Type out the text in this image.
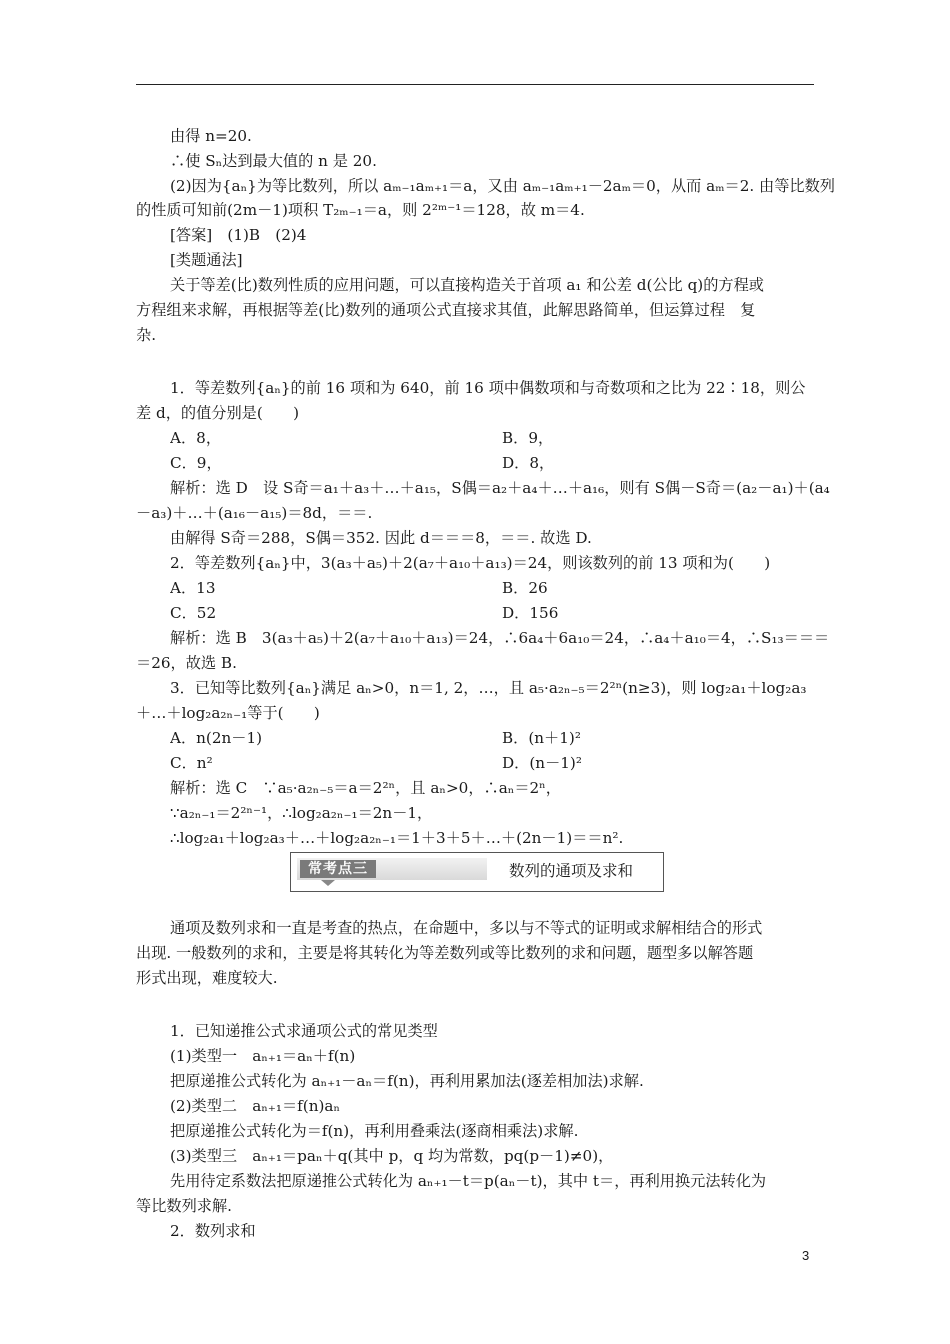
由得 n=20.
∴使 Sₙ达到最大值的 n 是 20.
(2)因为{aₙ}为等比数列，所以 aₘ₋₁aₘ₊₁＝a，又由 aₘ₋₁aₘ₊₁－2aₘ＝0，从而 aₘ＝2. 由等比数列
的性质可知前(2m－1)项积 T₂ₘ₋₁＝a，则 2²ᵐ⁻¹＝128，故 m＝4.
[答案]　(1)B　(2)4
[类题通法]
关于等差(比)数列性质的应用问题，可以直接构造关于首项 a₁ 和公差 d(公比 q)的方程或
方程组来求解，再根据等差(比)数列的通项公式直接求其值，此解思路简单，但运算过程　复
杂.
1．等差数列{aₙ}的前 16 项和为 640，前 16 项中偶数项和与奇数项和之比为 22∶18，则公
差 d，的值分别是(　　)
A．8，	B．9，
C．9，	D．8，
解析：选 D　设 S奇＝a₁＋a₃＋…＋a₁₅，S偶＝a₂＋a₄＋…＋a₁₆，则有 S偶－S奇＝(a₂－a₁)＋(a₄
－a₃)＋…＋(a₁₆－a₁₅)＝8d，＝＝.
由解得 S奇＝288，S偶＝352. 因此 d＝＝＝8，＝＝. 故选 D.
2．等差数列{aₙ}中，3(a₃＋a₅)＋2(a₇＋a₁₀＋a₁₃)＝24，则该数列的前 13 项和为(　　)
A．13	B．26
C．52	D．156
解析：选 B　3(a₃＋a₅)＋2(a₇＋a₁₀＋a₁₃)＝24，∴6a₄＋6a₁₀＝24，∴a₄＋a₁₀＝4，∴S₁₃＝＝＝
＝26，故选 B.
3．已知等比数列{aₙ}满足 aₙ>0，n＝1, 2，…，且 a₅·a₂ₙ₋₅＝2²ⁿ(n≥3)，则 log₂a₁＋log₂a₃
＋…＋log₂a₂ₙ₋₁等于(　　)
A．n(2n－1)	B．(n＋1)²
C．n²	D．(n－1)²
解析：选 C　∵a₅·a₂ₙ₋₅＝a＝2²ⁿ，且 aₙ>0，∴aₙ＝2ⁿ，
∵a₂ₙ₋₁＝2²ⁿ⁻¹，∴log₂a₂ₙ₋₁＝2n－1，
∴log₂a₁＋log₂a₃＋…＋log₂a₂ₙ₋₁＝1＋3＋5＋…＋(2n－1)＝＝n².
常考点三	数列的通项及求和
通项及数列求和一直是考查的热点，在命题中，多以与不等式的证明或求解相结合的形式
出现. 一般数列的求和，主要是将其转化为等差数列或等比数列的求和问题，题型多以解答题
形式出现，难度较大.
1．已知递推公式求通项公式的常见类型
(1)类型一　aₙ₊₁＝aₙ＋f(n)
把原递推公式转化为 aₙ₊₁－aₙ＝f(n)，再利用累加法(逐差相加法)求解.
(2)类型二　aₙ₊₁＝f(n)aₙ
把原递推公式转化为＝f(n)，再利用叠乘法(逐商相乘法)求解.
(3)类型三　aₙ₊₁＝paₙ＋q(其中 p，q 均为常数，pq(p－1)≠0)，
先用待定系数法把原递推公式转化为 aₙ₊₁－t＝p(aₙ－t)，其中 t＝，再利用换元法转化为
等比数列求解.
2．数列求和
3
